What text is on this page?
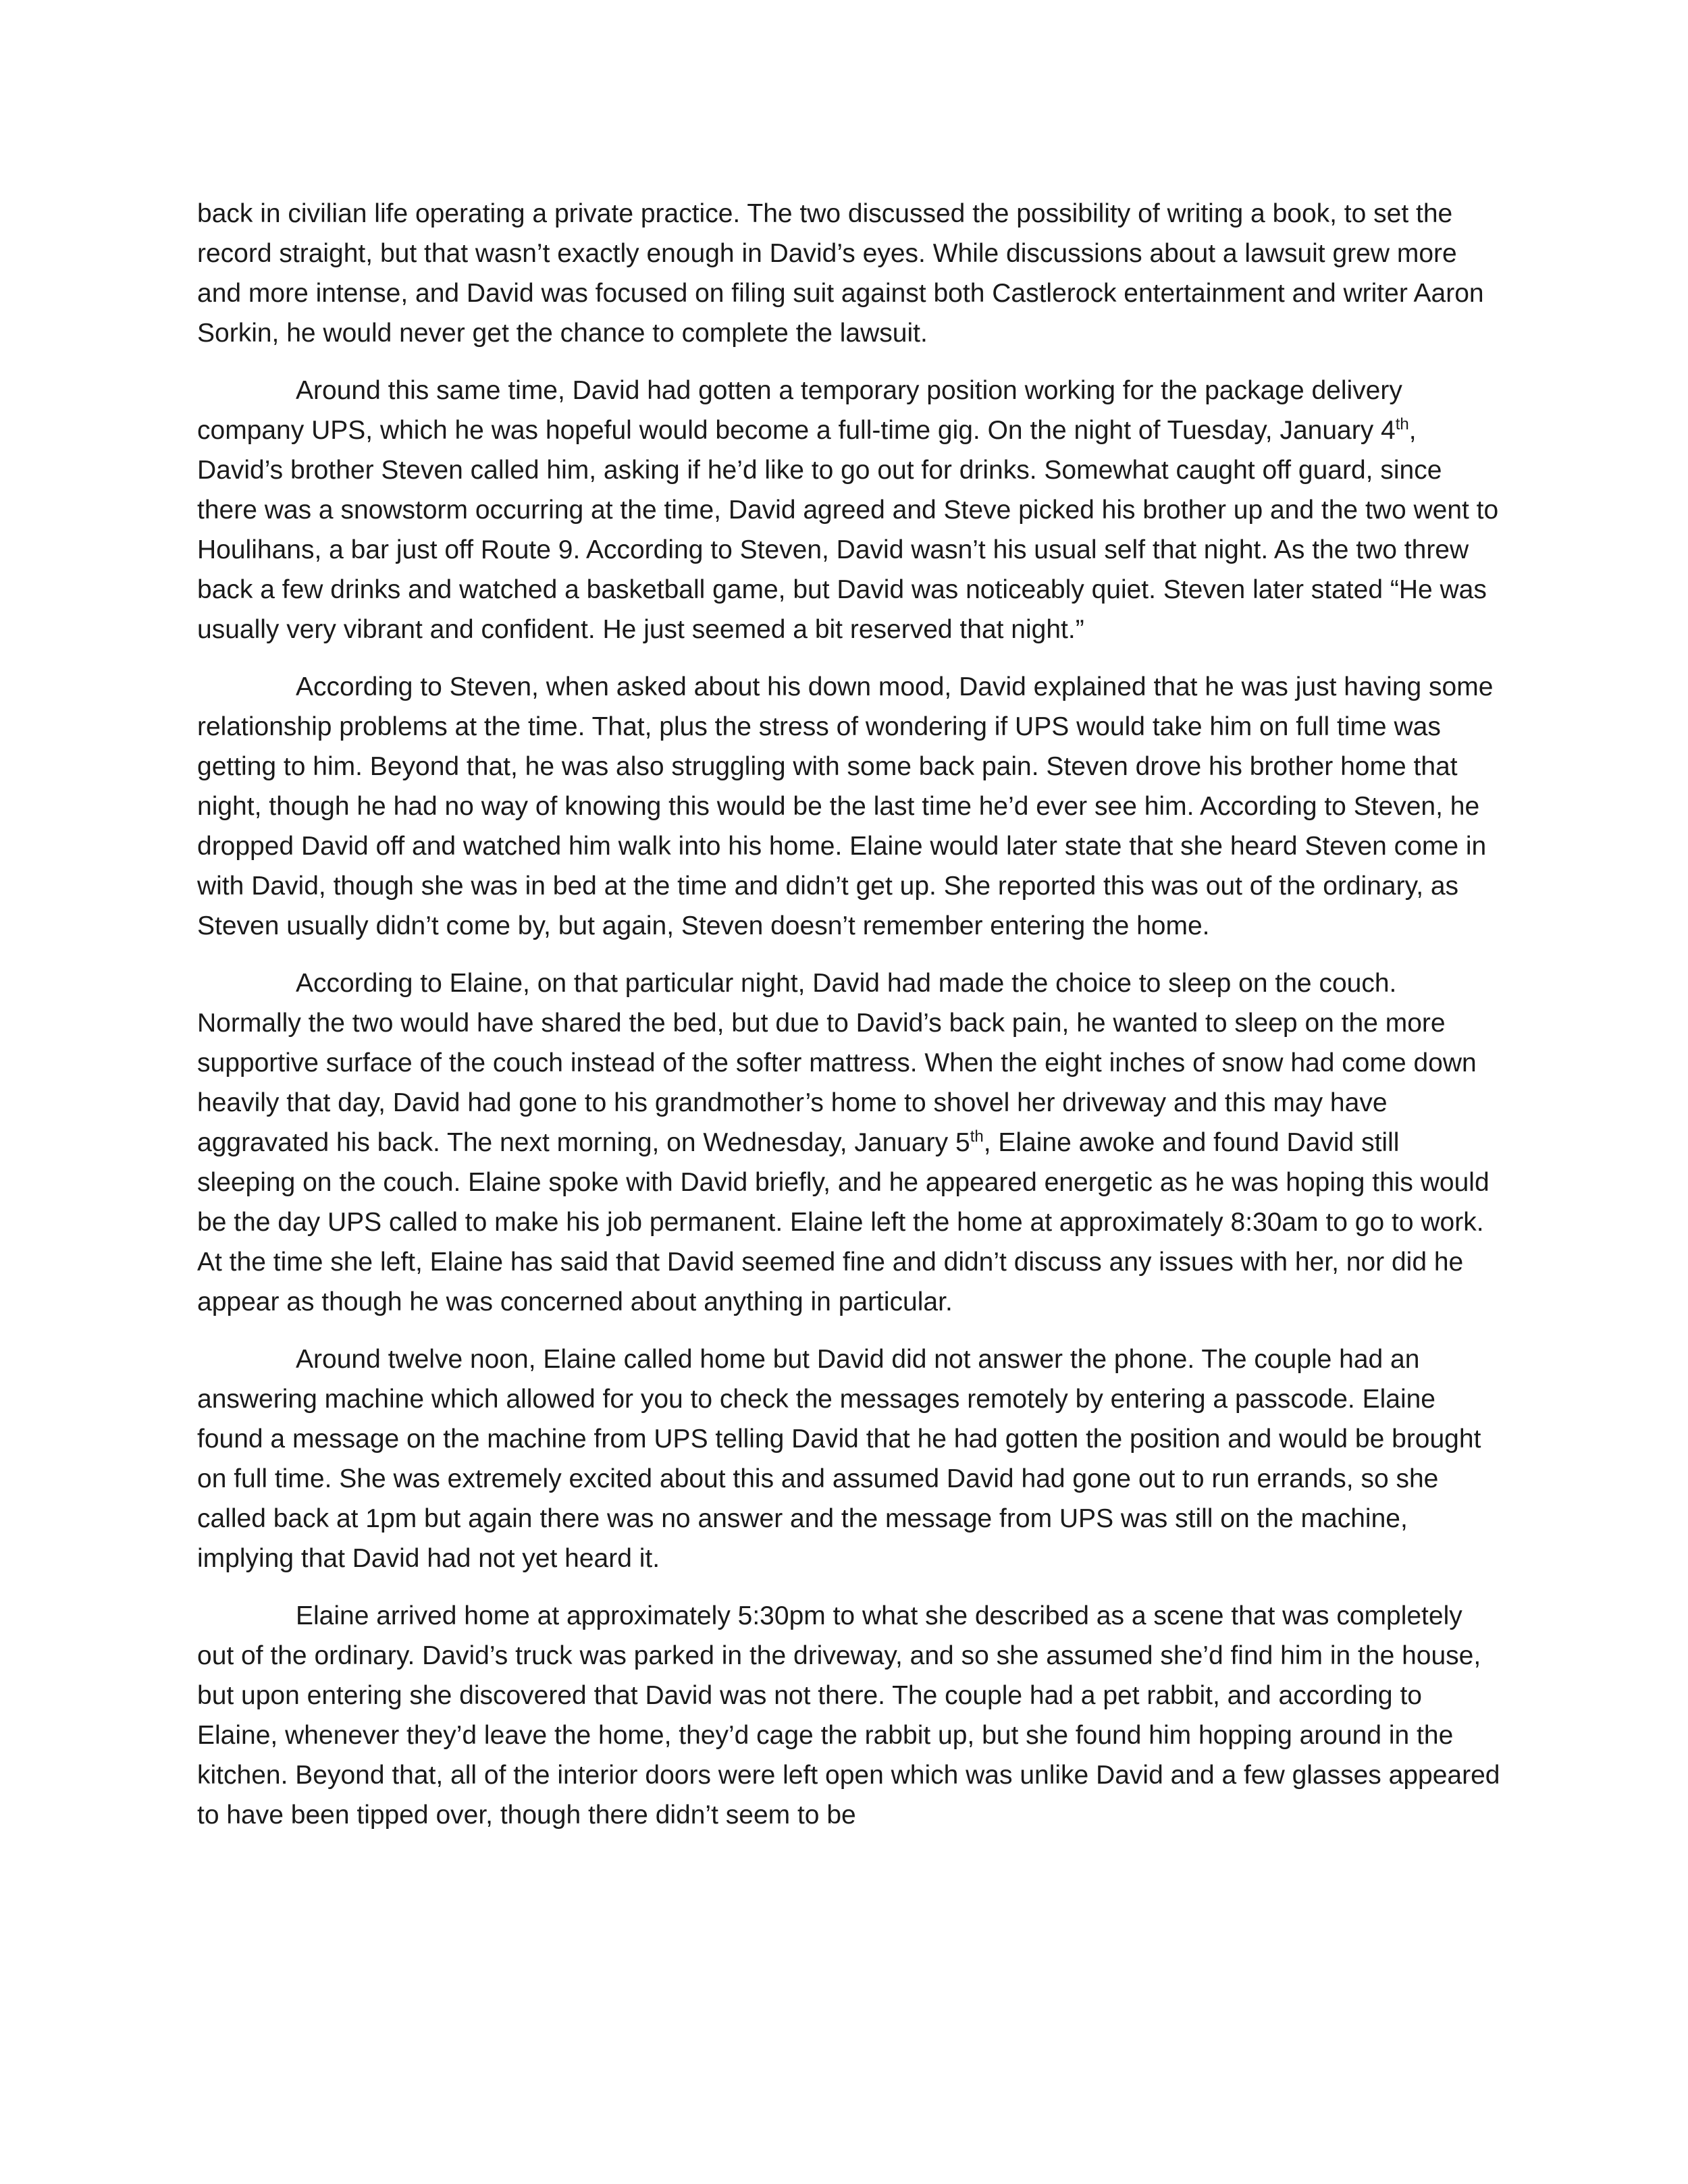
back in civilian life operating a private practice. The two discussed the possibility of writing a book, to set the record straight, but that wasn’t exactly enough in David’s eyes. While discussions about a lawsuit grew more and more intense, and David was focused on filing suit against both Castlerock entertainment and writer Aaron Sorkin, he would never get the chance to complete the lawsuit.

Around this same time, David had gotten a temporary position working for the package delivery company UPS, which he was hopeful would become a full-time gig. On the night of Tuesday, January 4th, David’s brother Steven called him, asking if he’d like to go out for drinks. Somewhat caught off guard, since there was a snowstorm occurring at the time, David agreed and Steve picked his brother up and the two went to Houlihans, a bar just off Route 9. According to Steven, David wasn’t his usual self that night. As the two threw back a few drinks and watched a basketball game, but David was noticeably quiet. Steven later stated “He was usually very vibrant and confident. He just seemed a bit reserved that night.”

According to Steven, when asked about his down mood, David explained that he was just having some relationship problems at the time. That, plus the stress of wondering if UPS would take him on full time was getting to him. Beyond that, he was also struggling with some back pain. Steven drove his brother home that night, though he had no way of knowing this would be the last time he’d ever see him. According to Steven, he dropped David off and watched him walk into his home. Elaine would later state that she heard Steven come in with David, though she was in bed at the time and didn’t get up. She reported this was out of the ordinary, as Steven usually didn’t come by, but again, Steven doesn’t remember entering the home.

According to Elaine, on that particular night, David had made the choice to sleep on the couch. Normally the two would have shared the bed, but due to David’s back pain, he wanted to sleep on the more supportive surface of the couch instead of the softer mattress. When the eight inches of snow had come down heavily that day, David had gone to his grandmother’s home to shovel her driveway and this may have aggravated his back. The next morning, on Wednesday, January 5th, Elaine awoke and found David still sleeping on the couch. Elaine spoke with David briefly, and he appeared energetic as he was hoping this would be the day UPS called to make his job permanent. Elaine left the home at approximately 8:30am to go to work. At the time she left, Elaine has said that David seemed fine and didn’t discuss any issues with her, nor did he appear as though he was concerned about anything in particular.

Around twelve noon, Elaine called home but David did not answer the phone. The couple had an answering machine which allowed for you to check the messages remotely by entering a passcode. Elaine found a message on the machine from UPS telling David that he had gotten the position and would be brought on full time. She was extremely excited about this and assumed David had gone out to run errands, so she called back at 1pm but again there was no answer and the message from UPS was still on the machine, implying that David had not yet heard it.

Elaine arrived home at approximately 5:30pm to what she described as a scene that was completely out of the ordinary. David’s truck was parked in the driveway, and so she assumed she’d find him in the house, but upon entering she discovered that David was not there. The couple had a pet rabbit, and according to Elaine, whenever they’d leave the home, they’d cage the rabbit up, but she found him hopping around in the kitchen. Beyond that, all of the interior doors were left open which was unlike David and a few glasses appeared to have been tipped over, though there didn’t seem to be
